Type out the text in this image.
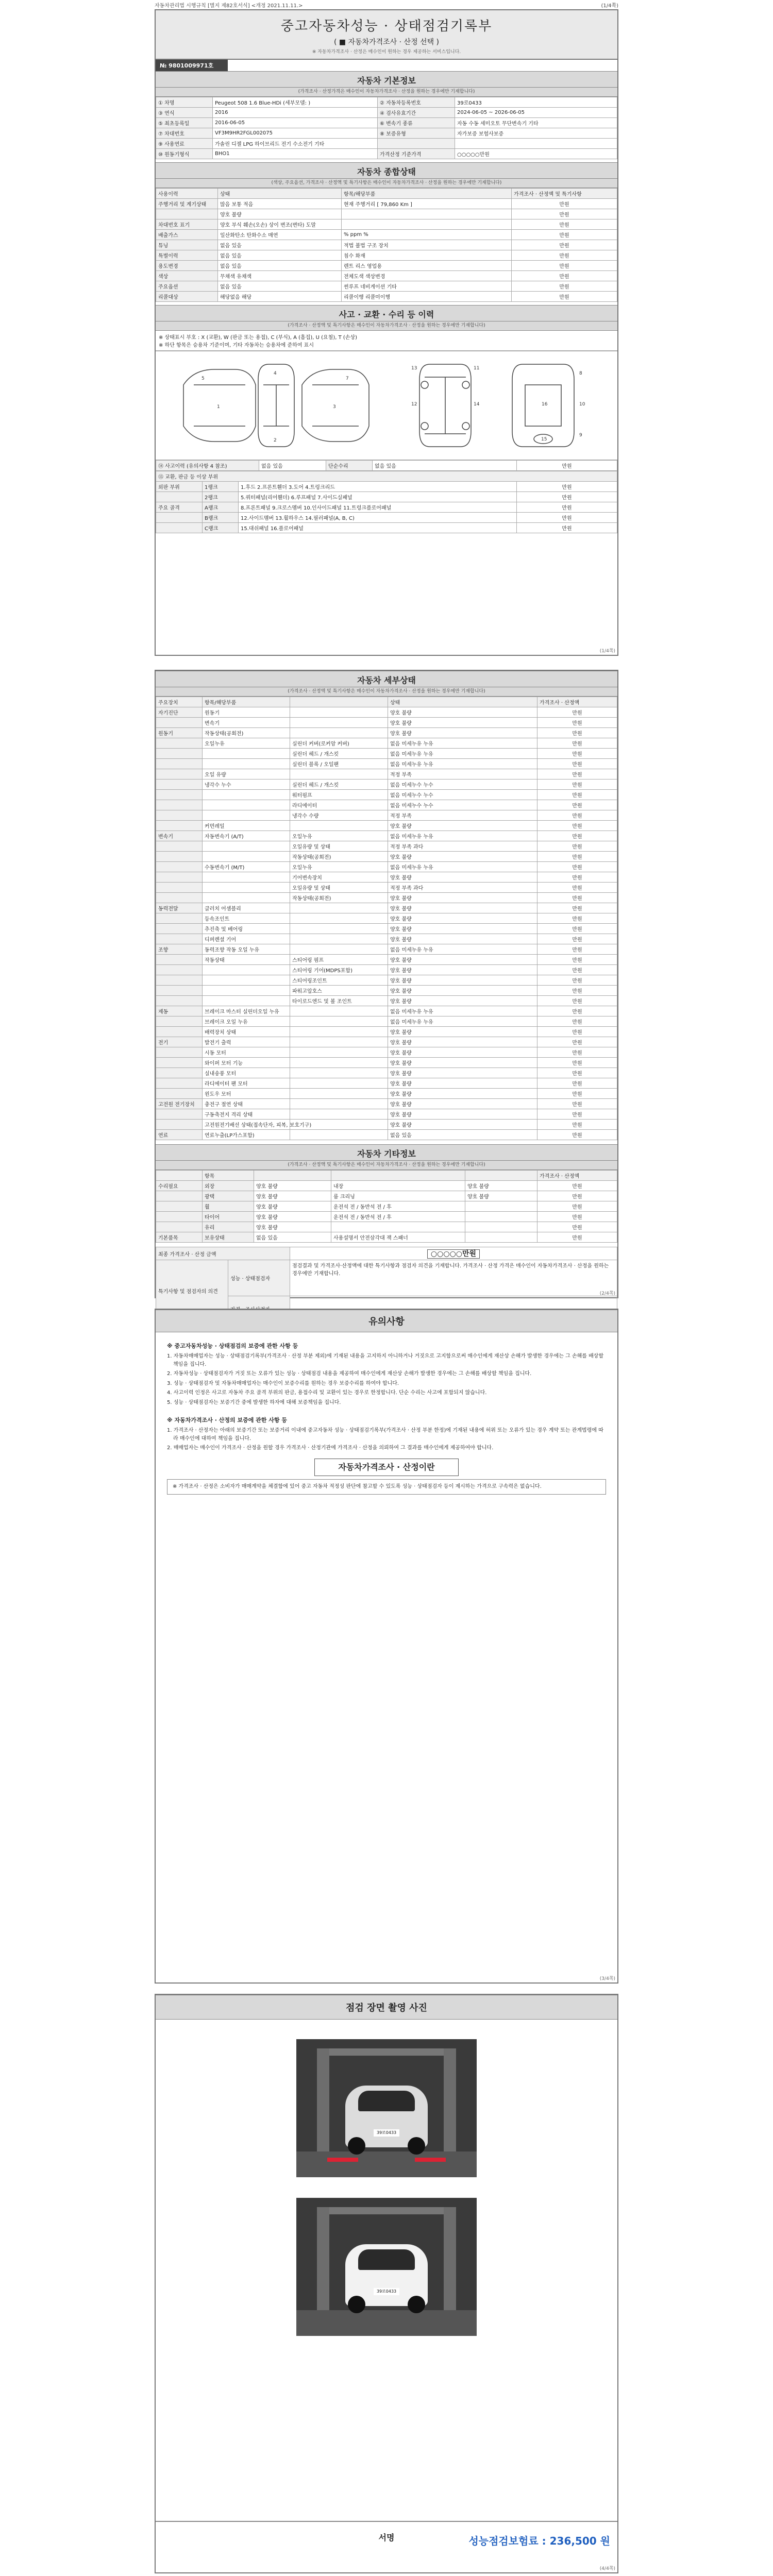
자동차관리법 시행규칙 [별지 제82호서식] <개정 2021.11.11.>	(1/4쪽)
중고자동차성능 · 상태점검기록부
( ■ 자동차가격조사 · 산정 선택 )
※ 자동차가격조사 · 산정은 매수인이 원하는 경우 제공하는 서비스입니다.
№ 9801009971호
자동차 기본정보
(가격조사 · 산정가격은 매수인이 자동차가격조사 · 산정을 원하는 경우에만 기재합니다)
① 차명	Peugeot 508 1.6 Blue-HDi (세부모델: )	② 자동차등록번호	39로0433
③ 연식	2016	④ 검사유효기간	2024-06-05 ~ 2026-06-05
⑤ 최초등록일	2016-06-05	⑥ 변속기 종류	자동 수동 세미오토 무단변속기 기타
⑦ 차대번호	VF3M9HR2FGL002075	⑧ 보증유형	자가보증 보험사보증
⑨ 사용연료	가솔린 디젤 LPG 하이브리드 전기 수소전기 기타		
⑩ 원동기형식	BHO1	가격산정 기준가격	○○○○○만원
자동차 종합상태
(색상, 주요옵션, 가격조사 · 산정액 및 특기사항은 매수인이 자동차가격조사 · 산정을 원하는 경우에만 기재합니다)
사용이력	상태	항목/해당부품	가격조사 · 산정액 및 특기사항
주행거리 및 계기상태	많음 보통 적음	현재 주행거리 [ 79,860 Km ]	만원
	양호 불량		만원
차대번호 표기	양호 부식 훼손(오손) 상이 변조(변타) 도말		만원
배출가스	일산화탄소 탄화수소 매연	% ppm %	만원
튜닝	없음 있음	적법 불법 구조 장치	만원
특별이력	없음 있음	침수 화재	만원
용도변경	없음 있음	렌트 리스 영업용	만원
색상	무채색 유채색	전체도색 색상변경	만원
주요옵션	없음 있음	썬루프 네비게이션 기타	만원
리콜대상	해당없음 해당	리콜이행 리콜미이행	만원
사고 · 교환 · 수리 등 이력
(가격조사 · 산정액 및 특기사항은 매수인이 자동차가격조사 · 산정을 원하는 경우에만 기재합니다)
※ 상태표시 부호 : X (교환), W (판금 또는 용접), C (부식), A (흠집), U (요철), T (손상)
※ 하단 항목은 승용차 기준이며, 기타 자동차는 승용차에 준하여 표시
1
4
2
3
5	7
13	11
12	14	16
8
9
10
15
⑭ 사고이력 (유의사항 4 참조)	없음 있음	단순수리	없음 있음	만원
⑮ 교환, 판금 등 이상 부위			
외판 부위	1랭크	1.후드 2.프론트휀더 3.도어 4.트렁크리드	만원
	2랭크	5.쿼터패널(리어휀더) 6.루프패널 7.사이드실패널	만원
주요 골격	A랭크	8.프론트패널 9.크로스멤버 10.인사이드패널 11.트렁크플로어패널	만원
	B랭크	12.사이드멤버 13.휠하우스 14.필러패널(A, B, C)	만원
	C랭크	15.대쉬패널 16.플로어패널	만원
(1/4쪽)
자동차 세부상태
(가격조사 · 산정액 및 특기사항은 매수인이 자동차가격조사 · 산정을 원하는 경우에만 기재합니다)
주요장치	항목/해당부품		상태	가격조사 · 산정액
자기진단	원동기		양호 불량	만원
	변속기		양호 불량	만원
원동기	작동상태(공회전)		양호 불량	만원
	오일누유	실린더 커버(로커암 커버)	없음 미세누유 누유	만원
		실린더 헤드 / 개스킷	없음 미세누유 누유	만원
		실린더 블록 / 오일팬	없음 미세누유 누유	만원
	오일 유량		적정 부족	만원
	냉각수 누수	실린더 헤드 / 개스킷	없음 미세누수 누수	만원
		워터펌프	없음 미세누수 누수	만원
		라디에이터	없음 미세누수 누수	만원
		냉각수 수량	적정 부족	만원
	커먼레일		양호 불량	만원
변속기	자동변속기 (A/T)	오일누유	없음 미세누유 누유	만원
		오일유량 및 상태	적정 부족 과다	만원
		작동상태(공회전)	양호 불량	만원
	수동변속기 (M/T)	오일누유	없음 미세누유 누유	만원
		기어변속장치	양호 불량	만원
		오일유량 및 상태	적정 부족 과다	만원
		작동상태(공회전)	양호 불량	만원
동력전달	클러치 어셈블리		양호 불량	만원
	등속조인트		양호 불량	만원
	추진축 및 베어링		양호 불량	만원
	디퍼렌셜 기어		양호 불량	만원
조향	동력조향 작동 오일 누유		없음 미세누유 누유	만원
	작동상태	스티어링 펌프	양호 불량	만원
		스티어링 기어(MDPS포함)	양호 불량	만원
		스티어링조인트	양호 불량	만원
		파워고압호스	양호 불량	만원
		타이로드엔드 및 볼 조인트	양호 불량	만원
제동	브레이크 마스터 실린더오일 누유		없음 미세누유 누유	만원
	브레이크 오일 누유		없음 미세누유 누유	만원
	배력장치 상태		양호 불량	만원
전기	발전기 출력		양호 불량	만원
	시동 모터		양호 불량	만원
	와이퍼 모터 기능		양호 불량	만원
	실내송풍 모터		양호 불량	만원
	라디에이터 팬 모터		양호 불량	만원
	윈도우 모터		양호 불량	만원
고전원 전기장치	충전구 절연 상태		양호 불량	만원
	구동축전지 격리 상태		양호 불량	만원
	고전원전기배선 상태(접속단자, 피복, 보호기구)		양호 불량	만원
연료	연료누출(LP가스포함)		없음 있음	만원
자동차 기타정보
(가격조사 · 산정액 및 특기사항은 매수인이 자동차가격조사 · 산정을 원하는 경우에만 기재합니다)
	항목				가격조사 · 산정액
수리필요	외장	양호 불량	내장	양호 불량	만원
	광택	양호 불량	룸 크리닝	양호 불량	만원
	휠	양호 불량	운전석 전 / 동반석 전 / 후		만원
	타이어	양호 불량	운전석 전 / 동반석 전 / 후		만원
	유리	양호 불량			만원
기본품목	보유상태	없음 있음	사용설명서 안전삼각대 잭 스패너		만원
최종 가격조사 · 산정 금액		○○○○○만원
특기사항 및 점검자의 의견	성능 · 상태점검자	점검결과 및 가격조사·산정액에 대한 특기사항과 점검자 의견을 기재합니다. 가격조사 · 산정 가격은 매수인이 자동차가격조사 · 산정을 원하는 경우에만 기재합니다.

(2/4쪽)
유의사항
※ 중고자동차성능 · 상태점검의 보증에 관한 사항 등

1. 자동차매매업자는 성능 · 상태점검기록부(가격조사 · 산정 부분 제외)에 기재된 내용을 고지하지 아니하거나 거짓으로 고지함으로써 매수인에게 재산상 손해가 발생한 경우에는 그 손해를 배상할 책임을 집니다.

2. 자동차성능 · 상태점검자가 거짓 또는 오류가 있는 성능 · 상태점검 내용을 제공하여 매수인에게 재산상 손해가 발생한 경우에는 그 손해를 배상할 책임을 집니다.

3. 성능 · 상태점검자 및 자동차매매업자는 매수인이 보증수리를 원하는 경우 보증수리를 하여야 합니다.

4. 사고이력 인정은 사고로 자동차 주요 골격 부위의 판금, 용접수리 및 교환이 있는 경우로 한정합니다. 단순 수리는 사고에 포함되지 않습니다.

5. 성능 · 상태점검자는 보증기간 중에 발생한 하자에 대해 보증책임을 집니다.

※ 자동차가격조사 · 산정의 보증에 관한 사항 등

1. 가격조사 · 산정자는 아래의 보증기간 또는 보증거리 이내에 중고자동차 성능 · 상태점검기록부(가격조사 · 산정 부분 한정)에 기재된 내용에 허위 또는 오류가 있는 경우 계약 또는 관계법령에 따라 매수인에 대하여 책임을 집니다.

2. 매매업자는 매수인이 가격조사 · 산정을 원할 경우 가격조사 · 산정기관에 가격조사 · 산정을 의뢰하여 그 결과를 매수인에게 제공하여야 합니다.

자동차가격조사 · 산정이란
※ 가격조사 · 산정은 소비자가 매매계약을 체결함에 있어 중고 자동차 적정성 판단에 참고할 수 있도록 성능 · 상태점검자 등이 제시하는 가격으로 구속력은 없습니다.
(3/4쪽)
점검 장면 촬영 사진
39로0433
39로0433
서명	성능점검보험료 : 236,500 원
(4/4쪽)
